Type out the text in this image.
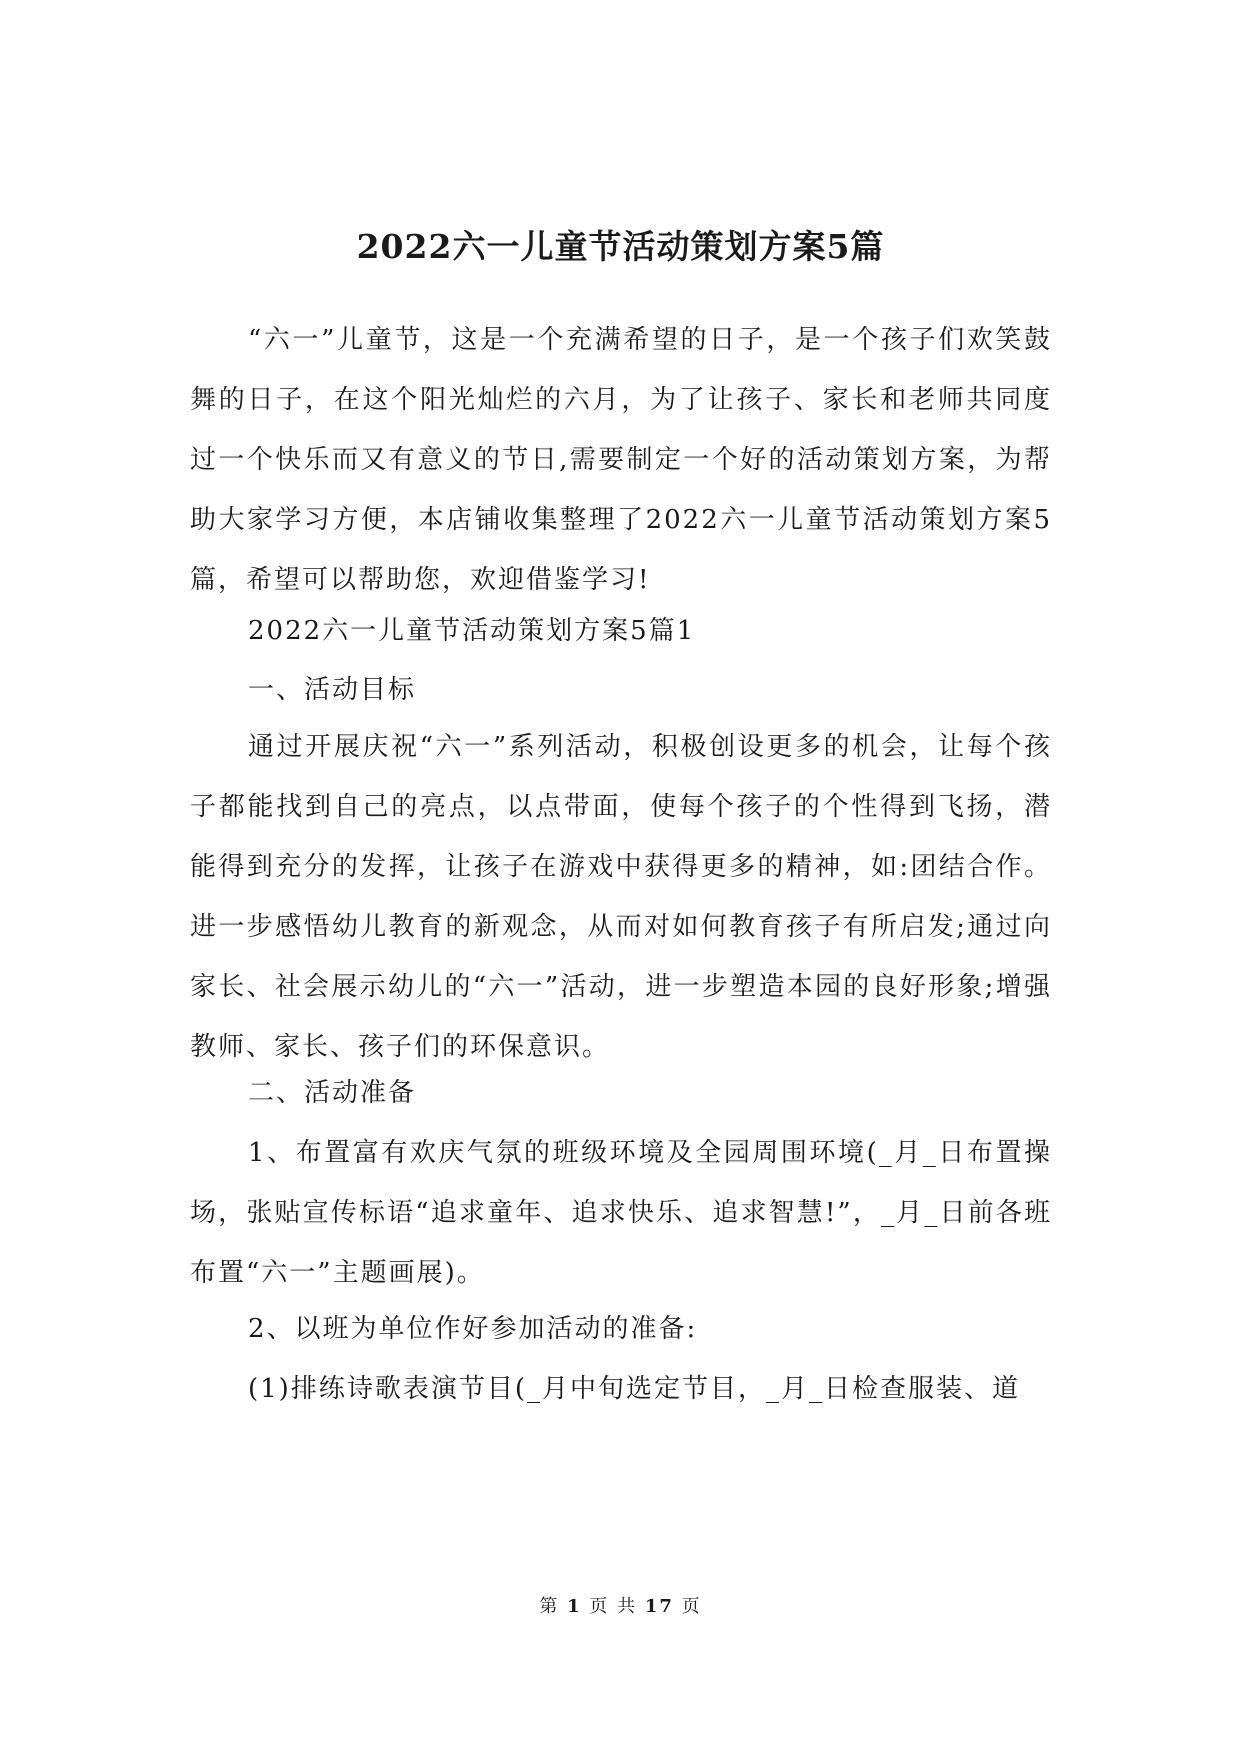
2022六一儿童节活动策划方案5篇

“六一”儿童节，这是一个充满希望的日子，是一个孩子们欢笑鼓舞的日子，在这个阳光灿烂的六月，为了让孩子、家长和老师共同度过一个快乐而又有意义的节日,需要制定一个好的活动策划方案，为帮助大家学习方便，本店铺收集整理了2022六一儿童节活动策划方案5篇，希望可以帮助您，欢迎借鉴学习!

2022六一儿童节活动策划方案5篇1
一、活动目标

通过开展庆祝“六一”系列活动，积极创设更多的机会，让每个孩子都能找到自己的亮点，以点带面，使每个孩子的个性得到飞扬，潜能得到充分的发挥，让孩子在游戏中获得更多的精神，如:团结合作。进一步感悟幼儿教育的新观念，从而对如何教育孩子有所启发;通过向家长、社会展示幼儿的“六一”活动，进一步塑造本园的良好形象;增强教师、家长、孩子们的环保意识。

二、活动准备

1、布置富有欢庆气氛的班级环境及全园周围环境(_月_日布置操场，张贴宣传标语“追求童年、追求快乐、追求智慧!”，_月_日前各班布置“六一”主题画展)。

2、以班为单位作好参加活动的准备:
(1)排练诗歌表演节目(_月中旬选定节目，_月_日检查服装、道
第 1 页 共 17 页
